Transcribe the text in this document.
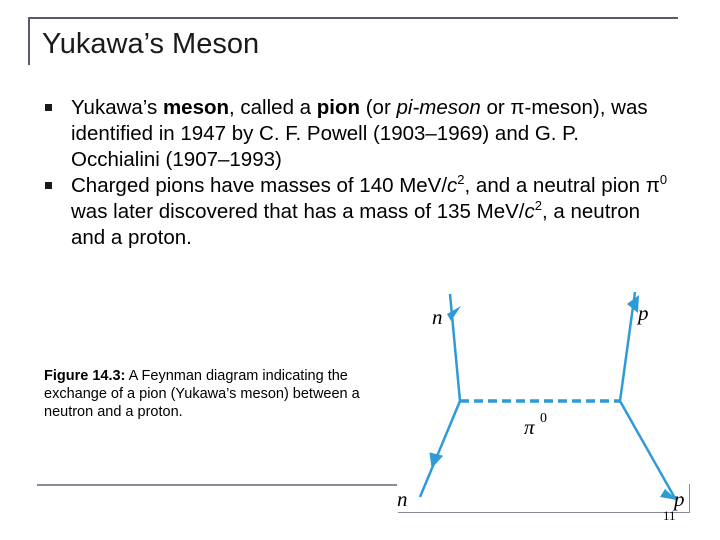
Yukawa’s Meson
Yukawa’s meson, called a pion (or pi-meson or π-meson), was identified in 1947 by C. F. Powell (1903–1969) and G. P. Occhialini (1907–1993)
Charged pions have masses of 140 MeV/$c^2$, and a neutral pion $\pi^0$ was later discovered that has a mass of 135 MeV/$c^2$, a neutron and a proton.
Figure 14.3: A Feynman diagram indicating the exchange of a pion (Yukawa’s meson) between a neutron and a proton.
n	p
π 0
n	p
11
